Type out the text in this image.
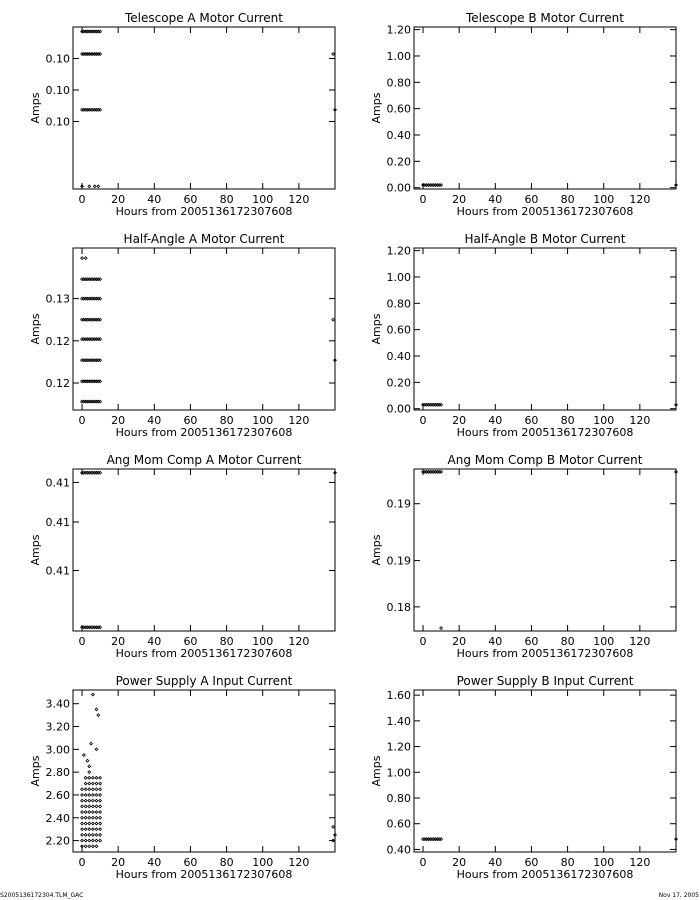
Telescope A Motor Current
0 20 40 60 80 100 120
Hours from 2005136172307608
0.10
0.10
0.10
Amps
Telescope B Motor Current
0 20 40 60 80 100 120
Hours from 2005136172307608
0.00
0.20
0.40
0.60
0.80
1.00
1.20
Amps
Half-Angle A Motor Current
0 20 40 60 80 100 120
Hours from 2005136172307608
0.12
0.12
0.13
Amps
Half-Angle B Motor Current
0 20 40 60 80 100 120
Hours from 2005136172307608
0.00
0.20
0.40
0.60
0.80
1.00
1.20
Amps
Ang Mom Comp A Motor Current
0 20 40 60 80 100 120
Hours from 2005136172307608
0.41
0.41
0.41
Amps
Ang Mom Comp B Motor Current
0 20 40 60 80 100 120
Hours from 2005136172307608
0.18
0.19
0.19
Amps
Power Supply A Input Current
0 20 40 60 80 100 120
Hours from 2005136172307608
2.20
2.40
2.60
2.80
3.00
3.20
3.40
Amps
Power Supply B Input Current
0 20 40 60 80 100 120
Hours from 2005136172307608
0.40
0.60
0.80
1.00
1.20
1.40
1.60
Amps
S2005136172304.TLM_GAC	Nov 17, 2005
